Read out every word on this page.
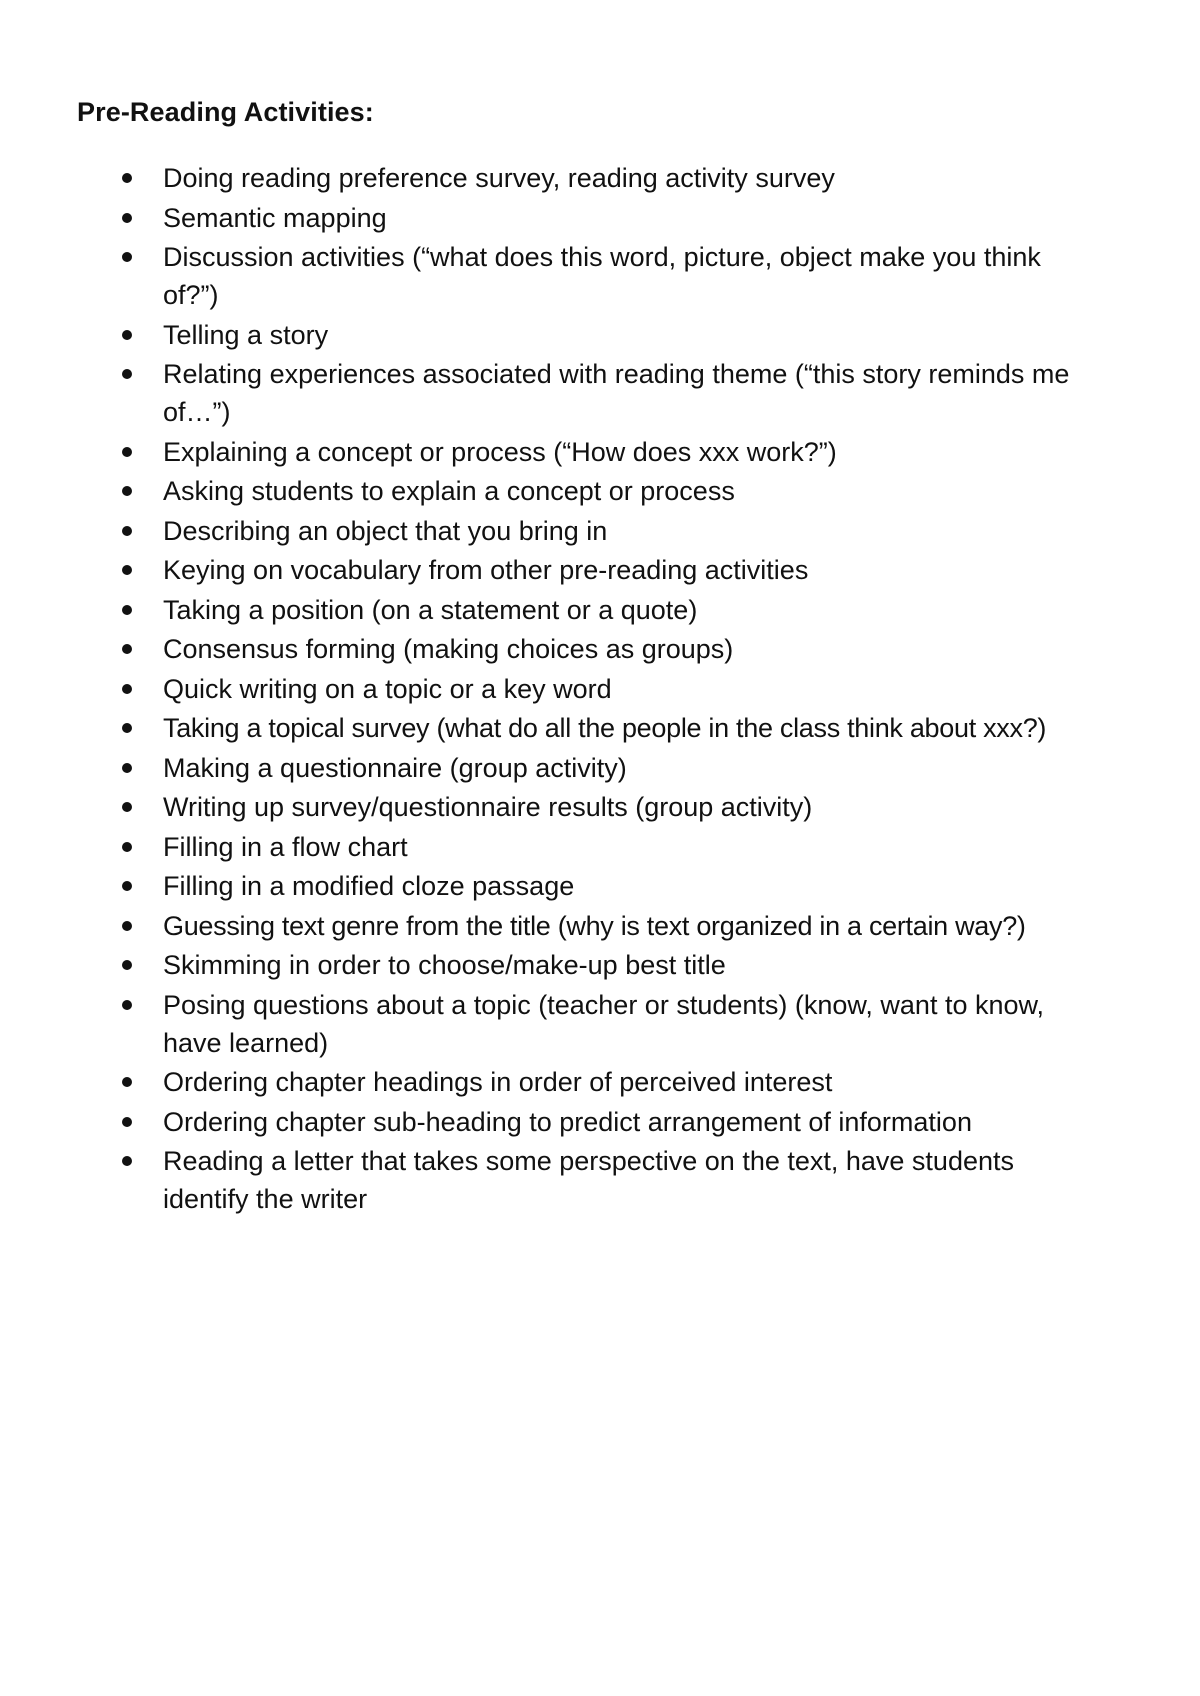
Pre-Reading Activities:
Doing reading preference survey, reading activity survey
Semantic mapping
Discussion activities (“what does this word, picture, object make you think of?”)
Telling a story
Relating experiences associated with reading theme (“this story reminds me of…”)
Explaining a concept or process (“How does xxx work?”)
Asking students to explain a concept or process
Describing an object that you bring in
Keying on vocabulary from other pre-reading activities
Taking a position (on a statement or a quote)
Consensus forming (making choices as groups)
Quick writing on a topic or a key word
Taking a topical survey (what do all the people in the class think about xxx?)
Making a questionnaire (group activity)
Writing up survey/questionnaire results (group activity)
Filling in a flow chart
Filling in a modified cloze passage
Guessing text genre from the title (why is text organized in a certain way?)
Skimming in order to choose/make-up best title
Posing questions about a topic (teacher or students) (know, want to know, have learned)
Ordering chapter headings in order of perceived interest
Ordering chapter sub-heading to predict arrangement of information
Reading a letter that takes some perspective on the text, have students identify the writer
